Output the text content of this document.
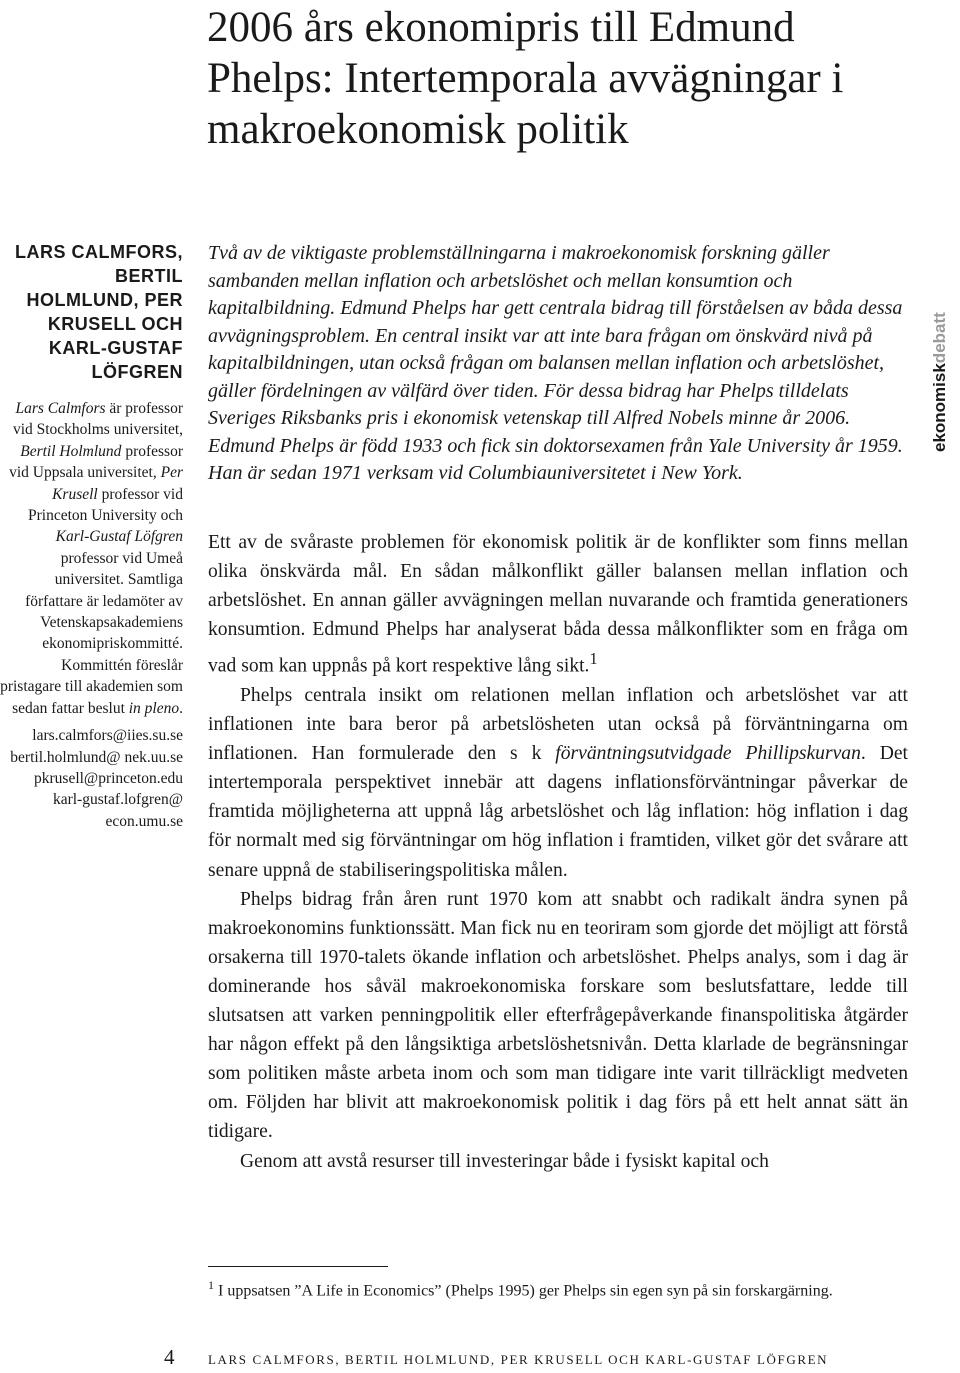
2006 års ekonomipris till Edmund Phelps: Intertemporala avvägningar i makroekonomisk politik
ekonomiskdebatt
LARS CALMFORS, BERTIL HOLMLUND, PER KRUSELL OCH KARL-GUSTAF LÖFGREN

Lars Calmfors är professor vid Stockholms universitet, Bertil Holmlund professor vid Uppsala universitet, Per Krusell professor vid Princeton University och Karl-Gustaf Löfgren professor vid Umeå universitet. Samtliga författare är ledamöter av Vetenskapsakademiens ekonomipriskommitté. Kommittén föreslår pristagare till akademien som sedan fattar beslut in pleno.

lars.calmfors@iies.su.se

bertil.holmlund@ nek.uu.se

pkrusell@princeton.edu

karl-gustaf.lofgren@ econ.umu.se

Två av de viktigaste problemställningarna i makroekonomisk forskning gäller sambanden mellan inflation och arbetslöshet och mellan konsumtion och kapitalbildning. Edmund Phelps har gett centrala bidrag till förståelsen av båda dessa avvägningsproblem. En central insikt var att inte bara frågan om önskvärd nivå på kapitalbildningen, utan också frågan om balansen mellan inflation och arbetslöshet, gäller fördelningen av välfärd över tiden. För dessa bidrag har Phelps tilldelats Sveriges Riksbanks pris i ekonomisk vetenskap till Alfred Nobels minne år 2006. Edmund Phelps är född 1933 och fick sin doktorsexamen från Yale University år 1959. Han är sedan 1971 verksam vid Columbiauniversitetet i New York.

Ett av de svåraste problemen för ekonomisk politik är de konflikter som finns mellan olika önskvärda mål. En sådan målkonflikt gäller balansen mellan inflation och arbetslöshet. En annan gäller avvägningen mellan nuvarande och framtida generationers konsumtion. Edmund Phelps har analyserat båda dessa målkonflikter som en fråga om vad som kan uppnås på kort respektive lång sikt.$^1$

Phelps centrala insikt om relationen mellan inflation och arbetslöshet var att inflationen inte bara beror på arbetslösheten utan också på förväntningarna om inflationen. Han formulerade den s k förväntningsutvidgade Phillipskurvan. Det intertemporala perspektivet innebär att dagens inflationsförväntningar påverkar de framtida möjligheterna att uppnå låg arbetslöshet och låg inflation: hög inflation i dag för normalt med sig förväntningar om hög inflation i framtiden, vilket gör det svårare att senare uppnå de stabiliseringspolitiska målen.

Phelps bidrag från åren runt 1970 kom att snabbt och radikalt ändra synen på makroekonomins funktionssätt. Man fick nu en teoriram som gjorde det möjligt att förstå orsakerna till 1970-talets ökande inflation och arbetslöshet. Phelps analys, som i dag är dominerande hos såväl makroekonomiska forskare som beslutsfattare, ledde till slutsatsen att varken penningpolitik eller efterfrågepåverkande finanspolitiska åtgärder har någon effekt på den långsiktiga arbetslöshetsnivån. Detta klarlade de begränsningar som politiken måste arbeta inom och som man tidigare inte varit tillräckligt medveten om. Följden har blivit att makroekonomisk politik i dag förs på ett helt annat sätt än tidigare.

Genom att avstå resurser till investeringar både i fysiskt kapital och

$^1$ I uppsatsen ”A Life in Economics” (Phelps 1995) ger Phelps sin egen syn på sin forskargärning.

4	LARS CALMFORS, BERTIL HOLMLUND, PER KRUSELL OCH KARL-GUSTAF LÖFGREN
